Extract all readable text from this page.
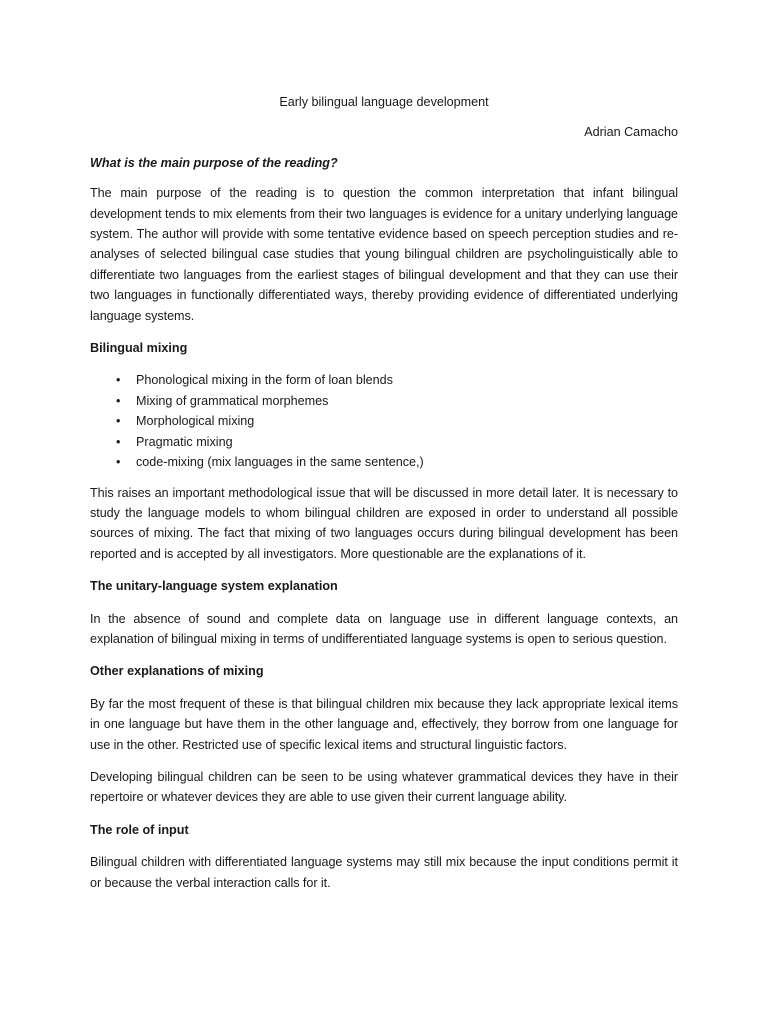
Early bilingual language development
Adrian Camacho
What is the main purpose of the reading?

The main purpose of the reading is to question the common interpretation that infant bilingual development tends to mix elements from their two languages is evidence for a unitary underlying language system. The author will provide with some tentative evidence based on speech perception studies and re-analyses of selected bilingual case studies that young bilingual children are psycholinguistically able to differentiate two languages from the earliest stages of bilingual development and that they can use their two languages in functionally differentiated ways, thereby providing evidence of differentiated underlying language systems.

Bilingual mixing
• Phonological mixing in the form of loan blends
• Mixing of grammatical morphemes
• Morphological mixing
• Pragmatic mixing
• code-mixing (mix languages in the same sentence,)

This raises an important methodological issue that will be discussed in more detail later. It is necessary to study the language models to whom bilingual children are exposed in order to understand all possible sources of mixing. The fact that mixing of two languages occurs during bilingual development has been reported and is accepted by all investigators. More questionable are the explanations of it.

The unitary-language system explanation

In the absence of sound and complete data on language use in different language contexts, an explanation of bilingual mixing in terms of undifferentiated language systems is open to serious question.

Other explanations of mixing

By far the most frequent of these is that bilingual children mix because they lack appropriate lexical items in one language but have them in the other language and, effectively, they borrow from one language for use in the other. Restricted use of specific lexical items and structural linguistic factors.

Developing bilingual children can be seen to be using whatever grammatical devices they have in their repertoire or whatever devices they are able to use given their current language ability.

The role of input

Bilingual children with differentiated language systems may still mix because the input conditions permit it or because the verbal interaction calls for it.
